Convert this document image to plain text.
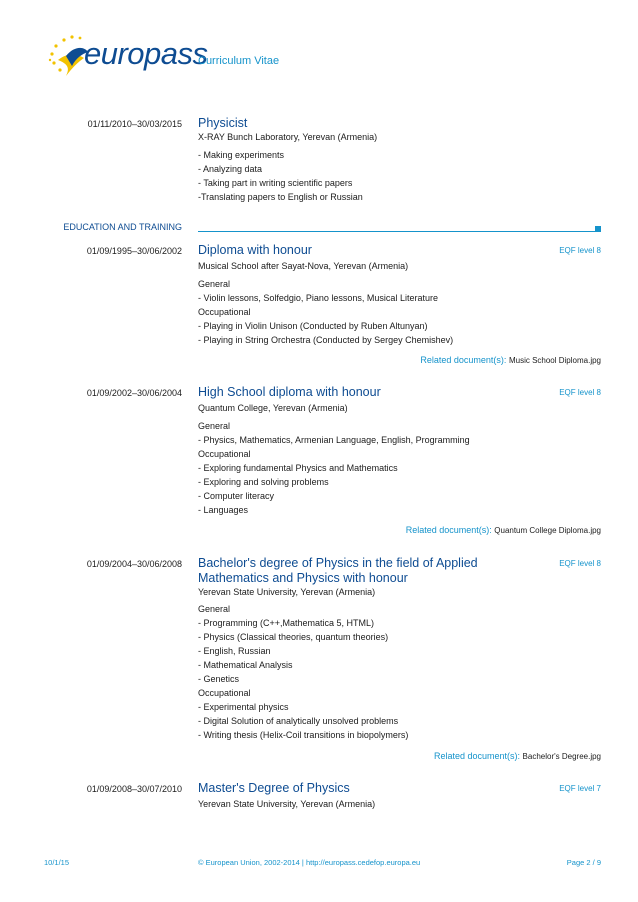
europass
Curriculum Vitae
01/11/2010–30/03/2015 Physicist
X-RAY Bunch Laboratory, Yerevan (Armenia)
- Making experiments
- Analyzing data
- Taking part in writing scientific papers
-Translating papers to English or Russian
EDUCATION AND TRAINING
01/09/1995–30/06/2002 Diploma with honour	EQF level 8
Musical School after Sayat-Nova, Yerevan (Armenia)
General
- Violin lessons, Solfedgio, Piano lessons, Musical Literature
Occupational
- Playing in Violin Unison (Conducted by Ruben Altunyan)
- Playing in String Orchestra (Conducted by Sergey Chemishev)
Related document(s): Music School Diploma.jpg
01/09/2002–30/06/2004 High School diploma with honour	EQF level 8
Quantum College, Yerevan (Armenia)
General
- Physics, Mathematics, Armenian Language, English, Programming
Occupational
- Exploring fundamental Physics and Mathematics
- Exploring and solving problems
- Computer literacy
- Languages
Related document(s): Quantum College Diploma.jpg
01/09/2004–30/06/2008 Bachelor's degree of Physics in the field of Applied Mathematics and Physics with honour
EQF level 8
Yerevan State University, Yerevan (Armenia)
General
- Programming (C++,Mathematica 5, HTML)
- Physics (Classical theories, quantum theories)
- English, Russian
- Mathematical Analysis
- Genetics
Occupational
- Experimental physics
- Digital Solution of analytically unsolved problems
- Writing thesis (Helix-Coil transitions in biopolymers)
Related document(s): Bachelor's Degree.jpg
01/09/2008–30/07/2010 Master's Degree of Physics	EQF level 7
Yerevan State University, Yerevan (Armenia)
10/1/15	© European Union, 2002-2014 | http://europass.cedefop.europa.eu	Page 2 / 9
